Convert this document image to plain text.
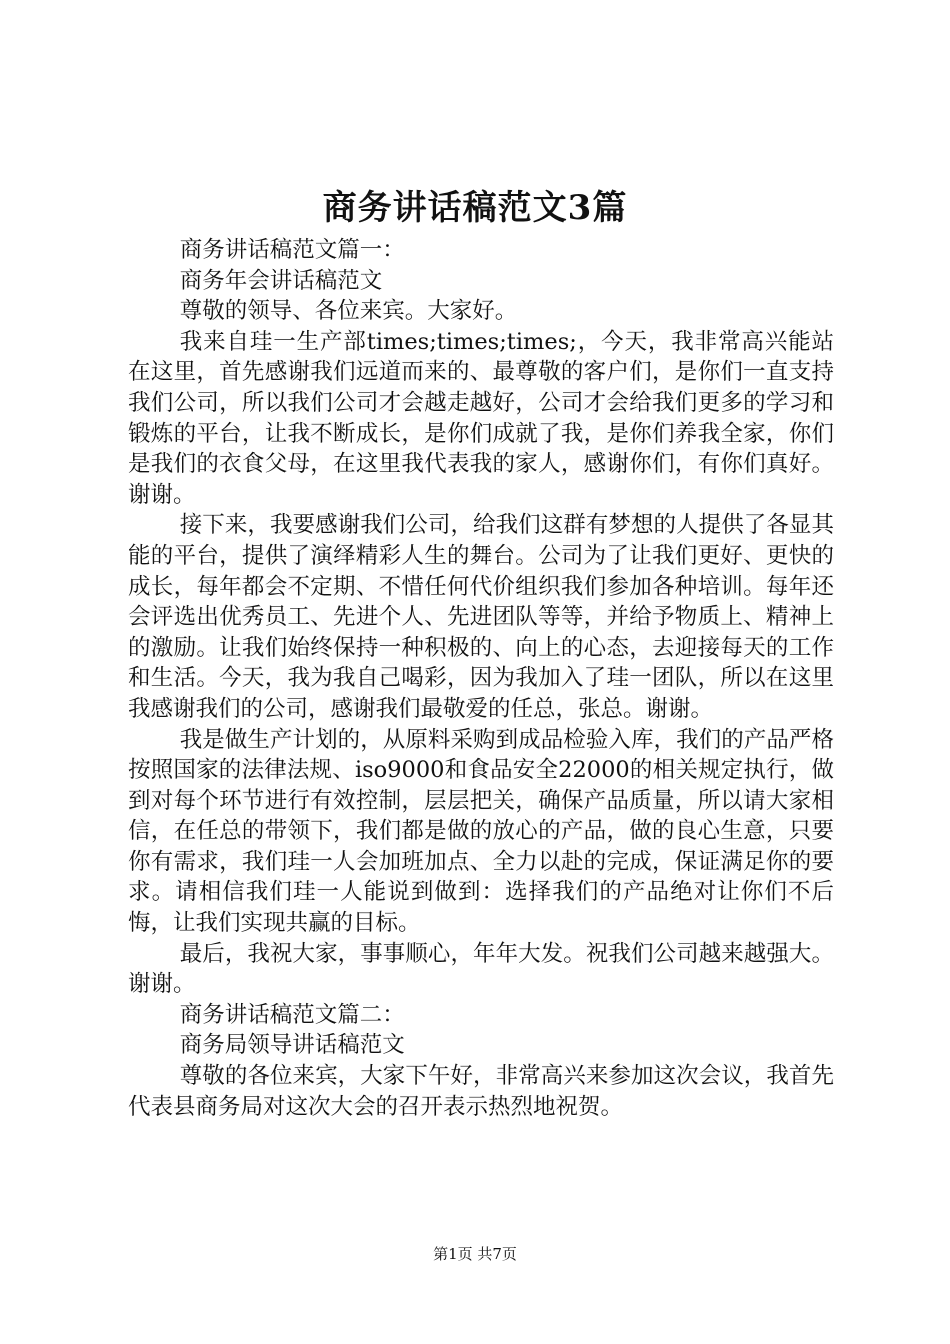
商务讲话稿范文3篇

商务讲话稿范文篇一：

商务年会讲话稿范文

尊敬的领导、各位来宾。大家好。

我来自珪一生产部times;times;times;，今天，我非常高兴能站在这里，首先感谢我们远道而来的、最尊敬的客户们，是你们一直支持我们公司，所以我们公司才会越走越好，公司才会给我们更多的学习和锻炼的平台，让我不断成长，是你们成就了我，是你们养我全家，你们是我们的衣食父母，在这里我代表我的家人，感谢你们，有你们真好。谢谢。

接下来，我要感谢我们公司，给我们这群有梦想的人提供了各显其能的平台，提供了演绎精彩人生的舞台。公司为了让我们更好、更快的成长，每年都会不定期、不惜任何代价组织我们参加各种培训。每年还会评选出优秀员工、先进个人、先进团队等等，并给予物质上、精神上的激励。让我们始终保持一种积极的、向上的心态，去迎接每天的工作和生活。今天，我为我自己喝彩，因为我加入了珪一团队，所以在这里我感谢我们的公司，感谢我们最敬爱的任总，张总。谢谢。

我是做生产计划的，从原料采购到成品检验入库，我们的产品严格按照国家的法律法规、iso9000和食品安全22000的相关规定执行，做到对每个环节进行有效控制，层层把关，确保产品质量，所以请大家相信，在任总的带领下，我们都是做的放心的产品，做的良心生意，只要你有需求，我们珪一人会加班加点、全力以赴的完成，保证满足你的要求。请相信我们珪一人能说到做到：选择我们的产品绝对让你们不后悔，让我们实现共赢的目标。

最后，我祝大家，事事顺心，年年大发。祝我们公司越来越强大。谢谢。

商务讲话稿范文篇二：

商务局领导讲话稿范文

尊敬的各位来宾，大家下午好，非常高兴来参加这次会议，我首先代表县商务局对这次大会的召开表示热烈地祝贺。

第1页 共7页
